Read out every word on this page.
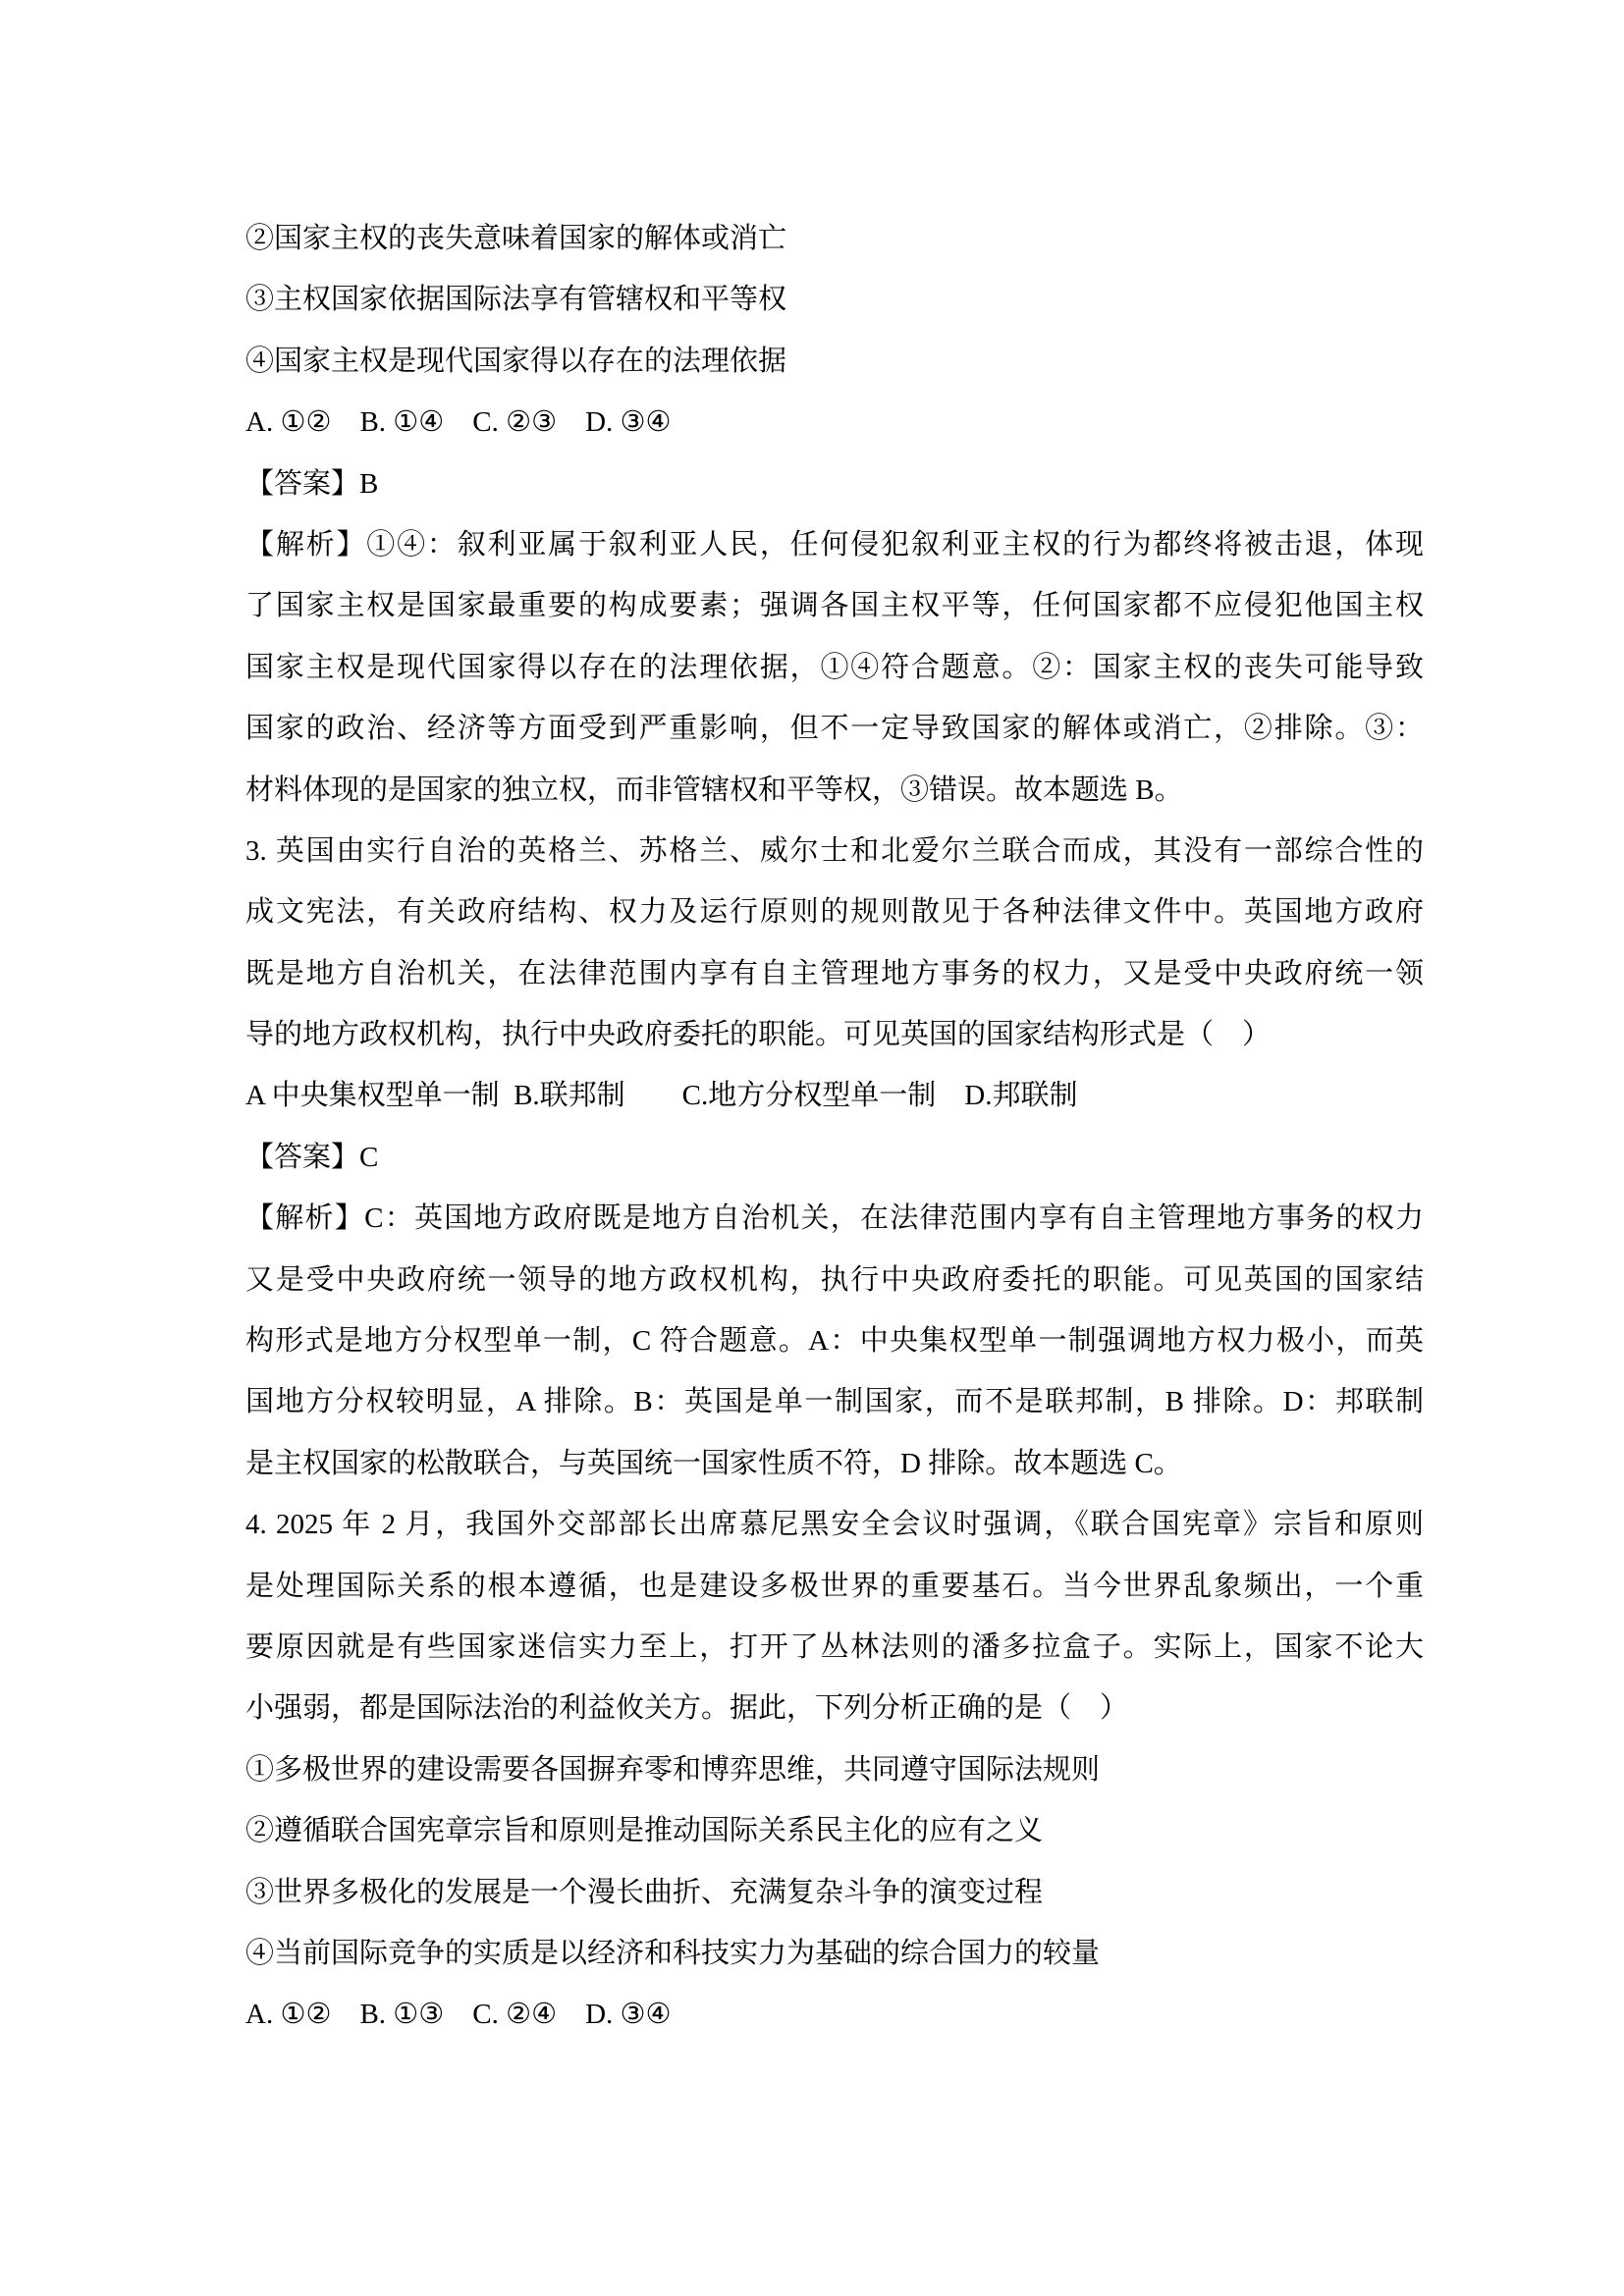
②国家主权的丧失意味着国家的解体或消亡

③主权国家依据国际法享有管辖权和平等权

④国家主权是现代国家得以存在的法理依据

A. ①②　B. ①④　C. ②③　D. ③④

【答案】B

【解析】①④：叙利亚属于叙利亚人民，任何侵犯叙利亚主权的行为都终将被击退，体现

了国家主权是国家最重要的构成要素；强调各国主权平等，任何国家都不应侵犯他国主权

国家主权是现代国家得以存在的法理依据，①④符合题意。②：国家主权的丧失可能导致

国家的政治、经济等方面受到严重影响，但不一定导致国家的解体或消亡，②排除。③：

材料体现的是国家的独立权，而非管辖权和平等权，③错误。故本题选 B。

3. 英国由实行自治的英格兰、苏格兰、威尔士和北爱尔兰联合而成，其没有一部综合性的

成文宪法，有关政府结构、权力及运行原则的规则散见于各种法律文件中。英国地方政府

既是地方自治机关，在法律范围内享有自主管理地方事务的权力，又是受中央政府统一领

导的地方政权机构，执行中央政府委托的职能。可见英国的国家结构形式是（　）

A 中央集权型单一制  B.联邦制　　C.地方分权型单一制　D.邦联制

【答案】C

【解析】C：英国地方政府既是地方自治机关，在法律范围内享有自主管理地方事务的权力

又是受中央政府统一领导的地方政权机构，执行中央政府委托的职能。可见英国的国家结

构形式是地方分权型单一制，C 符合题意。A：中央集权型单一制强调地方权力极小，而英

国地方分权较明显，A 排除。B：英国是单一制国家，而不是联邦制，B 排除。D：邦联制

是主权国家的松散联合，与英国统一国家性质不符，D 排除。故本题选 C。

4. 2025 年 2 月，我国外交部部长出席慕尼黑安全会议时强调，《联合国宪章》宗旨和原则

是处理国际关系的根本遵循，也是建设多极世界的重要基石。当今世界乱象频出，一个重

要原因就是有些国家迷信实力至上，打开了丛林法则的潘多拉盒子。实际上，国家不论大

小强弱，都是国际法治的利益攸关方。据此，下列分析正确的是（　）

①多极世界的建设需要各国摒弃零和博弈思维，共同遵守国际法规则

②遵循联合国宪章宗旨和原则是推动国际关系民主化的应有之义

③世界多极化的发展是一个漫长曲折、充满复杂斗争的演变过程

④当前国际竞争的实质是以经济和科技实力为基础的综合国力的较量

A. ①②　B. ①③　C. ②④　D. ③④
